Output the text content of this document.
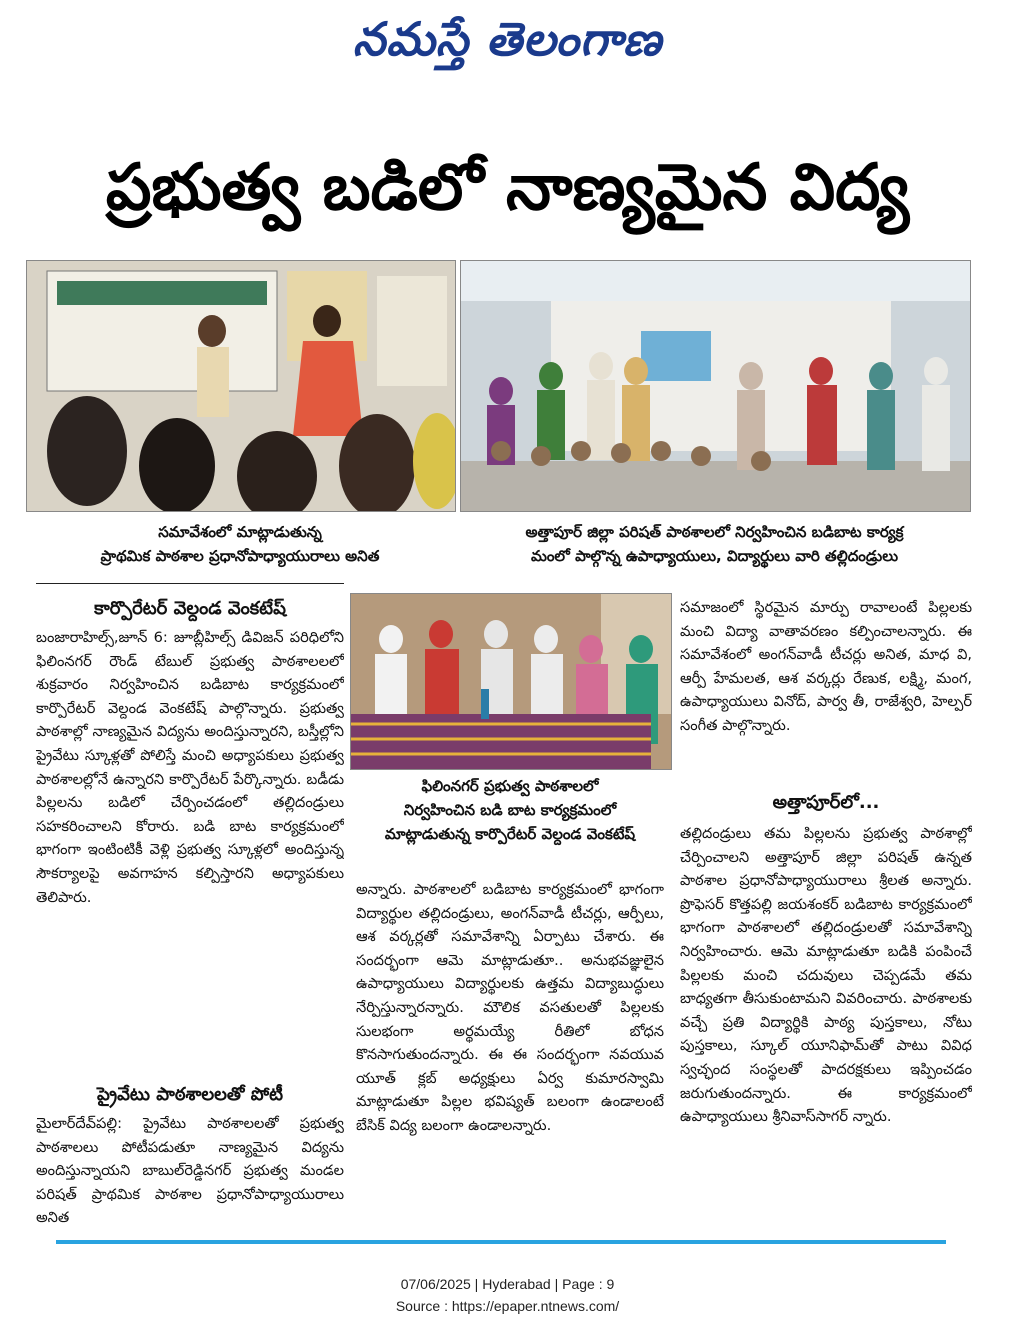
నమస్తే తెలంగాణ
ప్రభుత్వ బడిలో నాణ్యమైన విద్య
సమావేశంలో మాట్లాడుతున్న
ప్రాథమిక పాఠశాల ప్రధానోపాధ్యాయురాలు అనిత
అత్తాపూర్ జిల్లా పరిషత్ పాఠశాలలో నిర్వహించిన బడిబాట కార్యక్ర
మంలో పాల్గొన్న ఉపాధ్యాయులు, విద్యార్థులు వారి తల్లిదండ్రులు
కార్పొరేటర్ వెల్దండ వెంకటేష్

బంజారాహిల్స్,జూన్ 6: జూబ్లీహిల్స్ డివిజన్ పరిధిలోని ఫిలింనగర్ రౌండ్ టేబుల్ ప్రభుత్వ పాఠశాలలలో శుక్రవారం నిర్వహించిన బడిబాట కార్యక్రమంలో కార్పొరేటర్ వెల్దండ వెంకటేష్ పాల్గొన్నారు. ప్రభుత్వ పాఠశాల్లో నాణ్యమైన విద్యను అందిస్తున్నారని, బస్తీల్లోని ప్రైవేటు స్కూళ్లతో పోలిస్తే మంచి అధ్యాపకులు ప్రభుత్వ పాఠశాలల్లోనే ఉన్నారని కార్పొరేటర్ పేర్కొన్నారు. బడీడు పిల్లలను బడిలో చేర్పించడంలో తల్లిదండ్రులు సహకరించాలని కోరారు. బడి బాట కార్యక్రమంలో భాగంగా ఇంటింటికీ వెళ్లి ప్రభుత్వ స్కూళ్లలో అందిస్తున్న సౌకర్యాలపై అవగాహన కల్పిస్తారని అధ్యాపకులు తెలిపారు.

ప్రైవేటు పాఠశాలలతో పోటీ

మైలార్‌దేవ్‌పల్లి: ప్రైవేటు పాఠశాలలతో ప్రభుత్వ పాఠశాలలు పోటీపడుతూ నాణ్యమైన విద్యను అందిస్తున్నాయని బాబుల్‌రెడ్డినగర్ ప్రభుత్వ మండల పరిషత్ ప్రాథమిక పాఠశాల ప్రధానోపాధ్యాయురాలు అనిత

ఫిలింనగర్ ప్రభుత్వ పాఠశాలలో
నిర్వహించిన బడి బాట కార్యక్రమంలో
మాట్లాడుతున్న కార్పొరేటర్ వెల్దండ వెంకటేష్

అన్నారు. పాఠశాలలో బడిబాట కార్యక్రమంలో భాగంగా విద్యార్థుల తల్లిదండ్రులు, అంగన్‌వాడీ టీచర్లు, ఆర్పీలు, ఆశ వర్కర్లతో సమావేశాన్ని ఏర్పాటు చేశారు. ఈ సందర్భంగా ఆమె మాట్లాడుతూ.. అనుభవజ్ఞులైన ఉపాధ్యాయులు విద్యార్థులకు ఉత్తమ విద్యాబుద్ధులు నేర్పిస్తున్నారన్నారు. మౌలిక వసతులతో పిల్లలకు సులభంగా అర్థమయ్యే రీతిలో బోధన కొనసాగుతుందన్నారు. ఈ ఈ సందర్భంగా నవయువ యూత్ క్లబ్ అధ్యక్షులు ఏర్వ కుమారస్వామి మాట్లాడుతూ పిల్లల భవిష్యత్ బలంగా ఉండాలంటే బేసిక్ విద్య బలంగా ఉండాలన్నారు.

సమాజంలో స్థిరమైన మార్పు రావాలంటే పిల్లలకు మంచి విద్యా వాతావరణం కల్పించాలన్నారు. ఈ సమావేశంలో అంగన్‌వాడీ టీచర్లు అనిత, మాధ వి, ఆర్పీ హేమలత, ఆశ వర్కర్లు రేణుక, లక్ష్మి, మంగ, ఉపాధ్యాయులు వినోద్, పార్వ తీ, రాజేశ్వరి, హెల్పర్ సంగీత పాల్గొన్నారు.

అత్తాపూర్‌లో...

తల్లిదండ్రులు తమ పిల్లలను ప్రభుత్వ పాఠశాల్లో చేర్పించాలని అత్తాపూర్ జిల్లా పరిషత్ ఉన్నత పాఠశాల ప్రధానోపాధ్యాయురాలు శ్రీలత అన్నారు. ప్రొఫెసర్ కొత్తపల్లి జయశంకర్ బడిబాట కార్యక్రమంలో భాగంగా పాఠశాలలో తల్లిదండ్రులతో సమావేశాన్ని నిర్వహించారు. ఆమె మాట్లాడుతూ బడికి పంపించే పిల్లలకు మంచి చదువులు చెప్పడమే తమ బాధ్యతగా తీసుకుంటామని వివరించారు. పాఠశాలకు వచ్చే ప్రతి విద్యార్థికి పాఠ్య పుస్తకాలు, నోటు పుస్తకాలు, స్కూల్ యూనిఫామ్‌తో పాటు వివిధ స్వచ్ఛంద సంస్థలతో పాదరక్షకులు ఇప్పించడం జరుగుతుందన్నారు. ఈ కార్యక్రమంలో ఉపాధ్యాయులు శ్రీనివాస్‌సాగర్ న్నారు.

07/06/2025 | Hyderabad | Page : 9
Source : https://epaper.ntnews.com/
